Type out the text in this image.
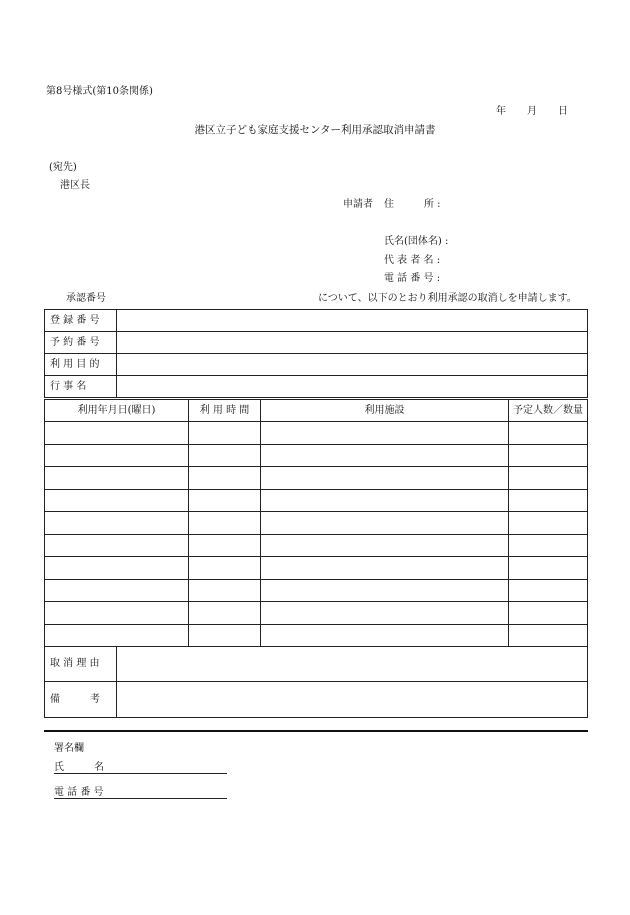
第8号様式(第10条関係)
年 月 日
港区立子ども家庭支援センター利用承認取消申請書
(宛先)
港区長
申請者 住　　　所 :
氏名(団体名) :
代 表 者 名 :
電 話 番 号 :
承認番号	について、以下のとおり利用承認の取消しを申請します。
登 録 番 号	
予 約 番 号	
利 用 目 的	
行 事 名	
利用年月日(曜日)	利 用 時 間	利用施設	予定人数／数量

取 消 理 由	
備　　　考	
署名欄
氏　　　名
電 話 番 号
